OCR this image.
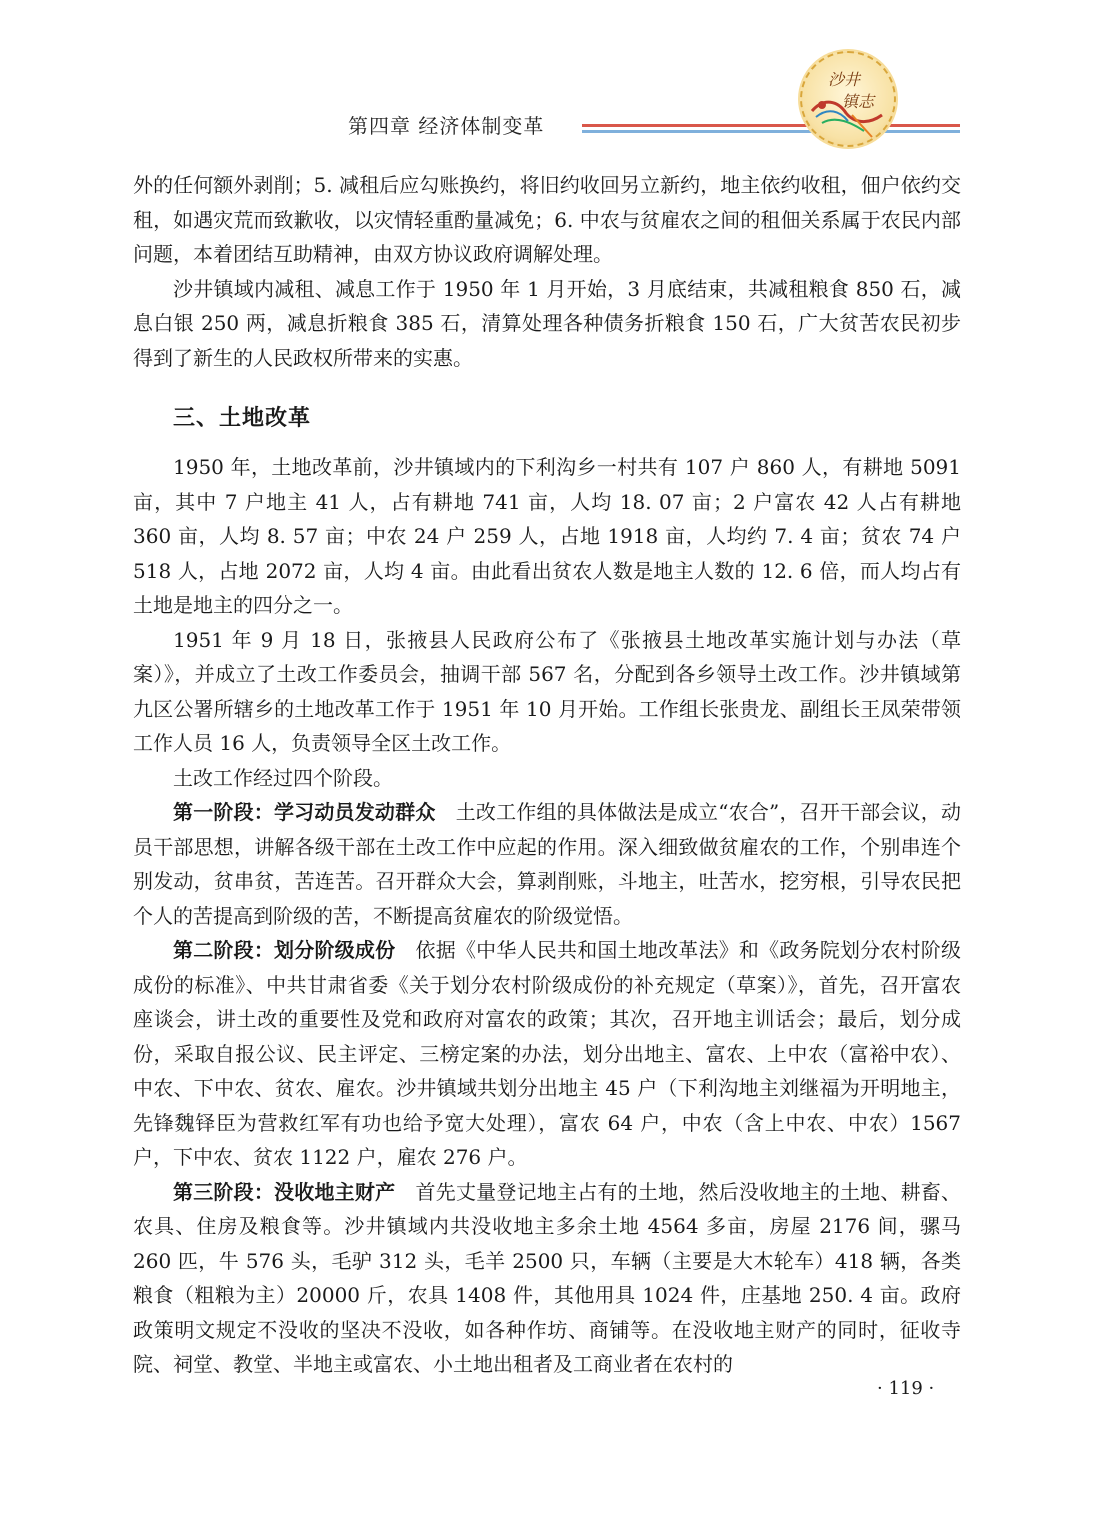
第四章 经济体制变革
沙井
镇志

外的任何额外剥削；5. 减租后应勾账换约，将旧约收回另立新约，地主依约收租，佃户依约交租，如遇灾荒而致歉收，以灾情轻重酌量减免；6. 中农与贫雇农之间的租佃关系属于农民内部问题，本着团结互助精神，由双方协议政府调解处理。

沙井镇域内减租、减息工作于 1950 年 1 月开始，3 月底结束，共减租粮食 850 石，减息白银 250 两，减息折粮食 385 石，清算处理各种债务折粮食 150 石，广大贫苦农民初步得到了新生的人民政权所带来的实惠。

三、土地改革

1950 年，土地改革前，沙井镇域内的下利沟乡一村共有 107 户 860 人，有耕地 5091 亩，其中 7 户地主 41 人，占有耕地 741 亩，人均 18. 07 亩；2 户富农 42 人占有耕地 360 亩，人均 8. 57 亩；中农 24 户 259 人，占地 1918 亩，人均约 7. 4 亩；贫农 74 户 518 人，占地 2072 亩，人均 4 亩。由此看出贫农人数是地主人数的 12. 6 倍，而人均占有土地是地主的四分之一。

1951 年 9 月 18 日，张掖县人民政府公布了《张掖县土地改革实施计划与办法（草案）》，并成立了土改工作委员会，抽调干部 567 名，分配到各乡领导土改工作。沙井镇域第九区公署所辖乡的土地改革工作于 1951 年 10 月开始。工作组长张贵龙、副组长王凤荣带领工作人员 16 人，负责领导全区土改工作。

土改工作经过四个阶段。

第一阶段：学习动员发动群众　土改工作组的具体做法是成立“农合”，召开干部会议，动员干部思想，讲解各级干部在土改工作中应起的作用。深入细致做贫雇农的工作，个别串连个别发动，贫串贫，苦连苦。召开群众大会，算剥削账，斗地主，吐苦水，挖穷根，引导农民把个人的苦提高到阶级的苦，不断提高贫雇农的阶级觉悟。

第二阶段：划分阶级成份　依据《中华人民共和国土地改革法》和《政务院划分农村阶级成份的标准》、中共甘肃省委《关于划分农村阶级成份的补充规定（草案）》，首先，召开富农座谈会，讲土改的重要性及党和政府对富农的政策；其次，召开地主训话会；最后，划分成份，采取自报公议、民主评定、三榜定案的办法，划分出地主、富农、上中农（富裕中农）、中农、下中农、贫农、雇农。沙井镇域共划分出地主 45 户（下利沟地主刘继福为开明地主，先锋魏铎臣为营救红军有功也给予宽大处理），富农 64 户，中农（含上中农、中农）1567 户，下中农、贫农 1122 户，雇农 276 户。

第三阶段：没收地主财产　首先丈量登记地主占有的土地，然后没收地主的土地、耕畜、农具、住房及粮食等。沙井镇域内共没收地主多余土地 4564 多亩，房屋 2176 间，骡马 260 匹，牛 576 头，毛驴 312 头，毛羊 2500 只，车辆（主要是大木轮车）418 辆，各类粮食（粗粮为主）20000 斤，农具 1408 件，其他用具 1024 件，庄基地 250. 4 亩。政府政策明文规定不没收的坚决不没收，如各种作坊、商铺等。在没收地主财产的同时，征收寺院、祠堂、教堂、半地主或富农、小土地出租者及工商业者在农村的

· 119 ·
